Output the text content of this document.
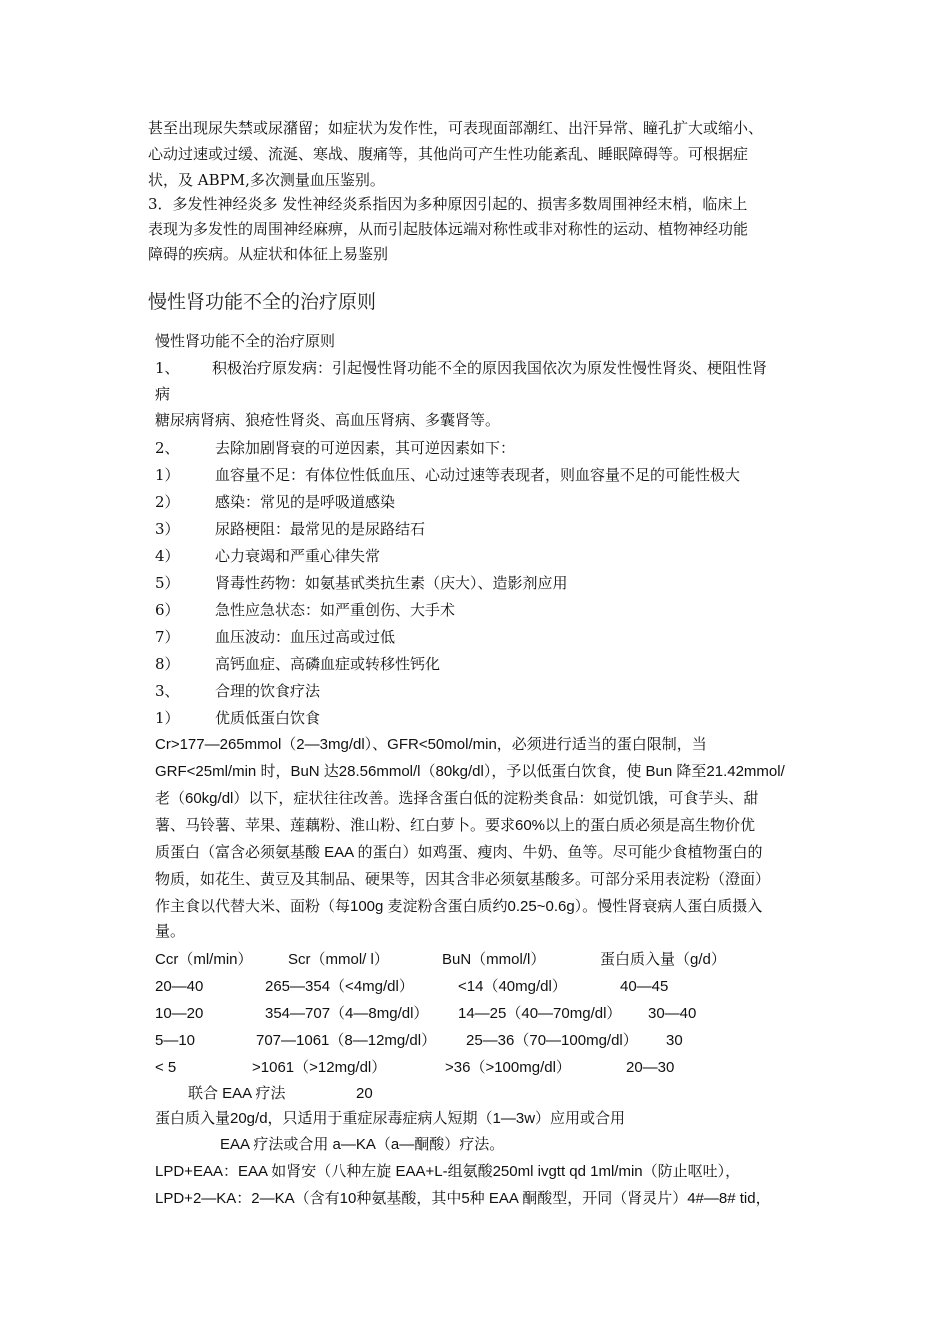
甚至出现尿失禁或尿潴留；如症状为发作性，可表现面部潮红、出汗异常、瞳孔扩大或缩小、
心动过速或过缓、流涎、寒战、腹痛等，其他尚可产生性功能紊乱、睡眠障碍等。可根据症
状，及 ABPM,多次测量血压鉴别。
3．多发性神经炎多 发性神经炎系指因为多种原因引起的、损害多数周围神经末梢，临床上
表现为多发性的周围神经麻痹，从而引起肢体远端对称性或非对称性的运动、植物神经功能
障碍的疾病。从症状和体征上易鉴别
慢性肾功能不全的治疗原则
慢性肾功能不全的治疗原则
1、 积极治疗原发病：引起慢性肾功能不全的原因我国依次为原发性慢性肾炎、梗阻性肾
病
糖尿病肾病、狼疮性肾炎、高血压肾病、多囊肾等。
2、 去除加剧肾衰的可逆因素，其可逆因素如下：
1） 血容量不足：有体位性低血压、心动过速等表现者，则血容量不足的可能性极大
2） 感染：常见的是呼吸道感染
3） 尿路梗阻：最常见的是尿路结石
4） 心力衰竭和严重心律失常
5） 肾毒性药物：如氨基甙类抗生素（庆大）、造影剂应用
6） 急性应急状态：如严重创伤、大手术
7） 血压波动：血压过高或过低
8） 高钙血症、高磷血症或转移性钙化
3、 合理的饮食疗法
1） 优质低蛋白饮食
Cr>177—265mmol（2—3mg/dl）、GFR<50mol/min，必须进行适当的蛋白限制，当
GRF<25ml/min 时，BuN 达28.56mmol/l（80kg/dl），予以低蛋白饮食，使 Bun 降至21.42mmol/
老（60kg/dl）以下，症状往往改善。选择含蛋白低的淀粉类食品：如觉饥饿，可食芋头、甜
薯、马铃薯、苹果、莲藕粉、淮山粉、红白萝卜。要求60%以上的蛋白质必须是高生物价优
质蛋白（富含必须氨基酸 EAA 的蛋白）如鸡蛋、瘦肉、牛奶、鱼等。尽可能少食植物蛋白的
物质，如花生、黄豆及其制品、硬果等，因其含非必须氨基酸多。可部分采用表淀粉（澄面）
作主食以代替大米、面粉（每100g 麦淀粉含蛋白质约0.25~0.6g）。慢性肾衰病人蛋白质摄入
量。
Ccr（ml/min） Scr（mmol/ l）	BuN（mmol/l）	蛋白质入量（g/d）
20—40	265—354（<4mg/dl）	<14（40mg/dl）	40—45
10—20	354—707（4—8mg/dl） 14—25（40—70mg/dl） 30—40
5—10	707—1061（8—12mg/dl） 25—36（70—100mg/dl） 30
< 5	>1061（>12mg/dl）	>36（>100mg/dl）	20—30
联合 EAA 疗法	20
蛋白质入量20g/d，只适用于重症尿毒症病人短期（1—3w）应用或合用
EAA 疗法或合用 a—KA（a—酮酸）疗法。
LPD+EAA：EAA 如肾安（八种左旋 EAA+L-组氨酸250ml ivgtt qd 1ml/min（防止呕吐），
LPD+2—KA：2—KA（含有10种氨基酸，其中5种 EAA 酮酸型，开同（肾灵片）4#—8# tid，
